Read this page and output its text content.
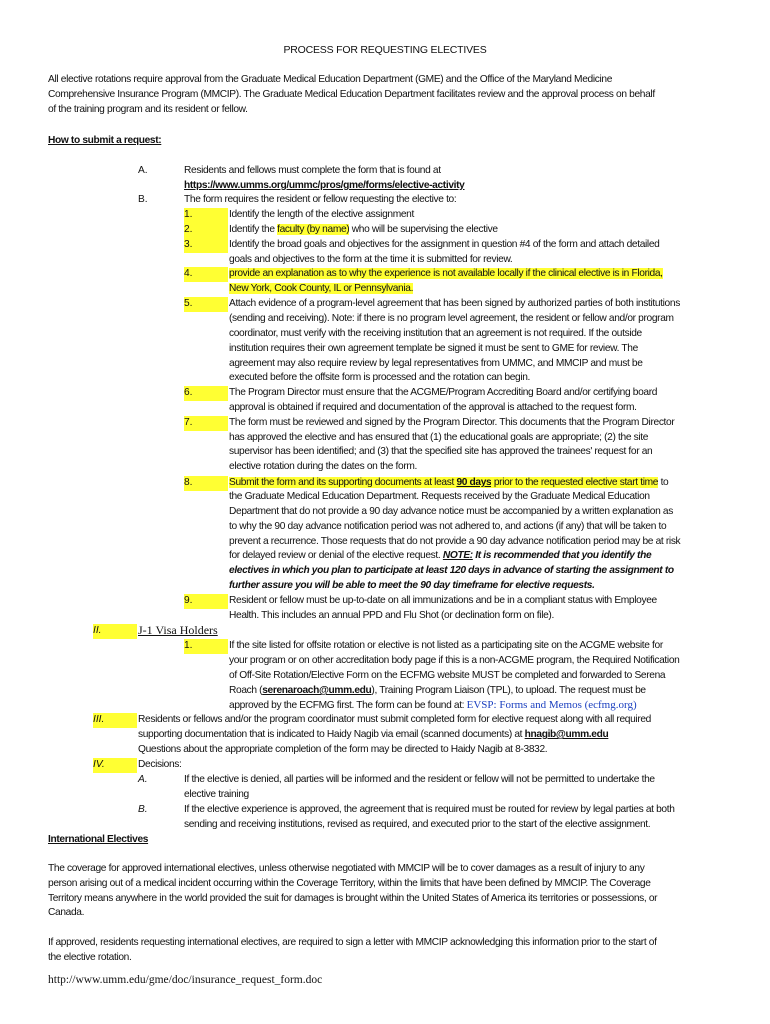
PROCESS FOR REQUESTING ELECTIVES
All elective rotations require approval from the Graduate Medical Education Department (GME) and the Office of the Maryland Medicine
Comprehensive Insurance Program (MMCIP). The Graduate Medical Education Department facilitates review and the approval process on behalf
of the training program and its resident or fellow.
How to submit a request:
A.	Residents and fellows must complete the form that is found at
https://www.umms.org/ummc/pros/gme/forms/elective-activity
B.	The form requires the resident or fellow requesting the elective to:
1.	Identify the length of the elective assignment
2.	Identify the faculty (by name) who will be supervising the elective
3.	Identify the broad goals and objectives for the assignment in question #4 of the form and attach detailed
goals and objectives to the form at the time it is submitted for review.
4.	provide an explanation as to why the experience is not available locally if the clinical elective is in Florida,
New York, Cook County, IL or Pennsylvania.
5.	Attach evidence of a program-level agreement that has been signed by authorized parties of both institutions
(sending and receiving). Note: if there is no program level agreement, the resident or fellow and/or program
coordinator, must verify with the receiving institution that an agreement is not required. If the outside
institution requires their own agreement template be signed it must be sent to GME for review. The
agreement may also require review by legal representatives from UMMC, and MMCIP and must be
executed before the offsite form is processed and the rotation can begin.
6.	The Program Director must ensure that the ACGME/Program Accrediting Board and/or certifying board
approval is obtained if required and documentation of the approval is attached to the request form.
7.	The form must be reviewed and signed by the Program Director. This documents that the Program Director
has approved the elective and has ensured that (1) the educational goals are appropriate; (2) the site
supervisor has been identified; and (3) that the specified site has approved the trainees' request for an
elective rotation during the dates on the form.
8.	Submit the form and its supporting documents at least 90 days prior to the requested elective start time to
the Graduate Medical Education Department. Requests received by the Graduate Medical Education
Department that do not provide a 90 day advance notice must be accompanied by a written explanation as
to why the 90 day advance notification period was not adhered to, and actions (if any) that will be taken to
prevent a recurrence. Those requests that do not provide a 90 day advance notification period may be at risk
for delayed review or denial of the elective request. NOTE: It is recommended that you identify the
electives in which you plan to participate at least 120 days in advance of starting the assignment to
further assure you will be able to meet the 90 day timeframe for elective requests.
9.	Resident or fellow must be up-to-date on all immunizations and be in a compliant status with Employee
Health. This includes an annual PPD and Flu Shot (or declination form on file).
II.	J-1 Visa Holders
1.	If the site listed for offsite rotation or elective is not listed as a participating site on the ACGME website for
your program or on other accreditation body page if this is a non-ACGME program, the Required Notification
of Off-Site Rotation/Elective Form on the ECFMG website MUST be completed and forwarded to Serena
Roach (serenaroach@umm.edu), Training Program Liaison (TPL), to upload. The request must be
approved by the ECFMG first. The form can be found at: EVSP: Forms and Memos (ecfmg.org)
III.	Residents or fellows and/or the program coordinator must submit completed form for elective request along with all required
supporting documentation that is indicated to Haidy Nagib via email (scanned documents) at hnagib@umm.edu
Questions about the appropriate completion of the form may be directed to Haidy Nagib at 8-3832.
IV.	Decisions:
A.	If the elective is denied, all parties will be informed and the resident or fellow will not be permitted to undertake the
elective training
B.	If the elective experience is approved, the agreement that is required must be routed for review by legal parties at both
sending and receiving institutions, revised as required, and executed prior to the start of the elective assignment.
International Electives
The coverage for approved international electives, unless otherwise negotiated with MMCIP will be to cover damages as a result of injury to any
person arising out of a medical incident occurring within the Coverage Territory, within the limits that have been defined by MMCIP. The Coverage
Territory means anywhere in the world provided the suit for damages is brought within the United States of America its territories or possessions, or
Canada.
If approved, residents requesting international electives, are required to sign a letter with MMCIP acknowledging this information prior to the start of
the elective rotation.
http://www.umm.edu/gme/doc/insurance_request_form.doc
